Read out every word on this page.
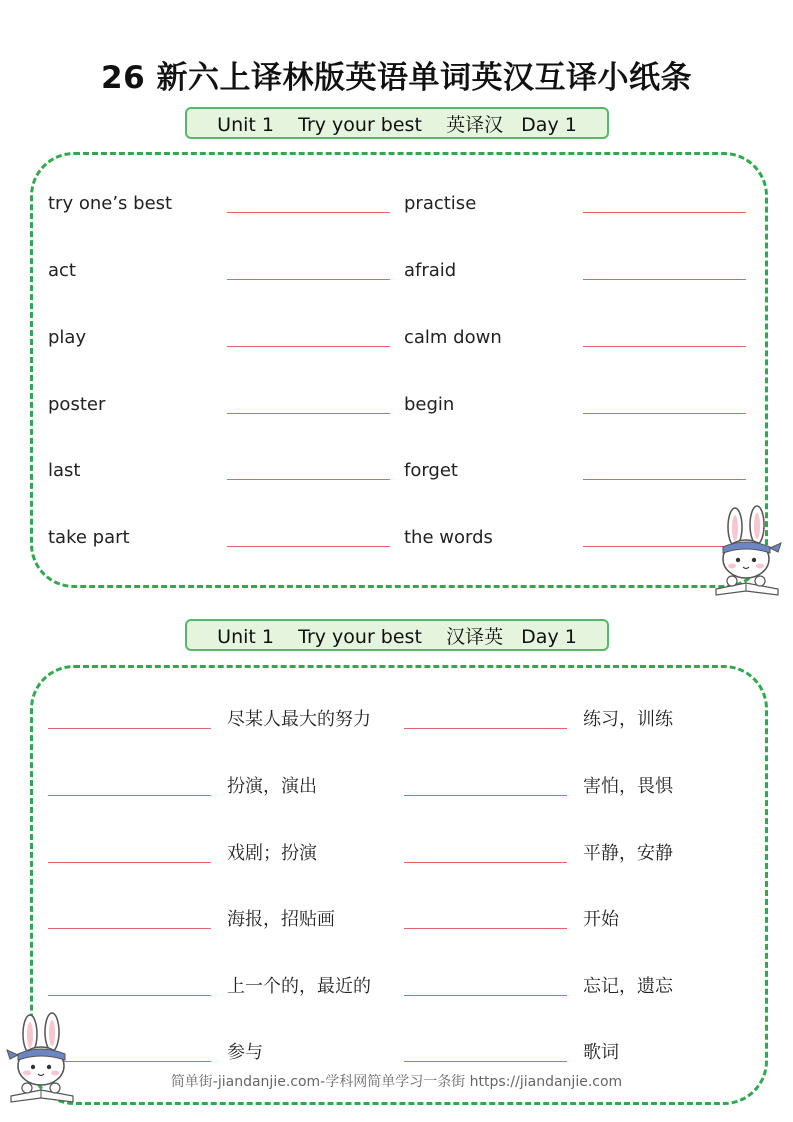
26 新六上译林版英语单词英汉互译小纸条
Unit 1    Try your best    英译汉   Day 1
try one’s best	practise
act	afraid
play	calm down
poster	begin
last	forget
take part	the words
Unit 1    Try your best    汉译英   Day 1
尽某人最大的努力	练习，训练
扮演，演出	害怕，畏惧
戏剧；扮演	平静，安静
海报，招贴画	开始
上一个的，最近的	忘记，遗忘
参与	歌词
简单街-jiandanjie.com-学科网简单学习一条街 https://jiandanjie.com
